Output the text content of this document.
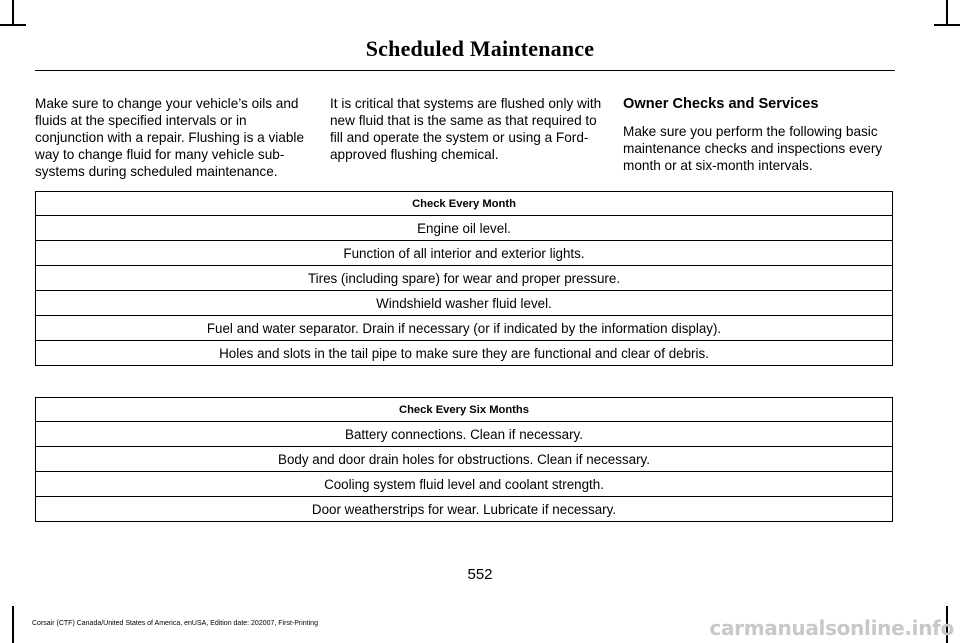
Scheduled Maintenance

Make sure to change your vehicle’s oils and fluids at the specified intervals or in conjunction with a repair. Flushing is a viable way to change fluid for many vehicle sub-systems during scheduled maintenance.

It is critical that systems are flushed only with new fluid that is the same as that required to fill and operate the system or using a Ford-approved flushing chemical.

Owner Checks and Services

Make sure you perform the following basic maintenance checks and inspections every month or at six-month intervals.

Check Every Month
Engine oil level.
Function of all interior and exterior lights.
Tires (including spare) for wear and proper pressure.
Windshield washer fluid level.
Fuel and water separator. Drain if necessary (or if indicated by the information display).
Holes and slots in the tail pipe to make sure they are functional and clear of debris.
Check Every Six Months
Battery connections. Clean if necessary.
Body and door drain holes for obstructions. Clean if necessary.
Cooling system fluid level and coolant strength.
Door weatherstrips for wear. Lubricate if necessary.
552
Corsair (CTF) Canada/United States of America, enUSA, Edition date: 202007, First-Printing	carmanualsonline.info
